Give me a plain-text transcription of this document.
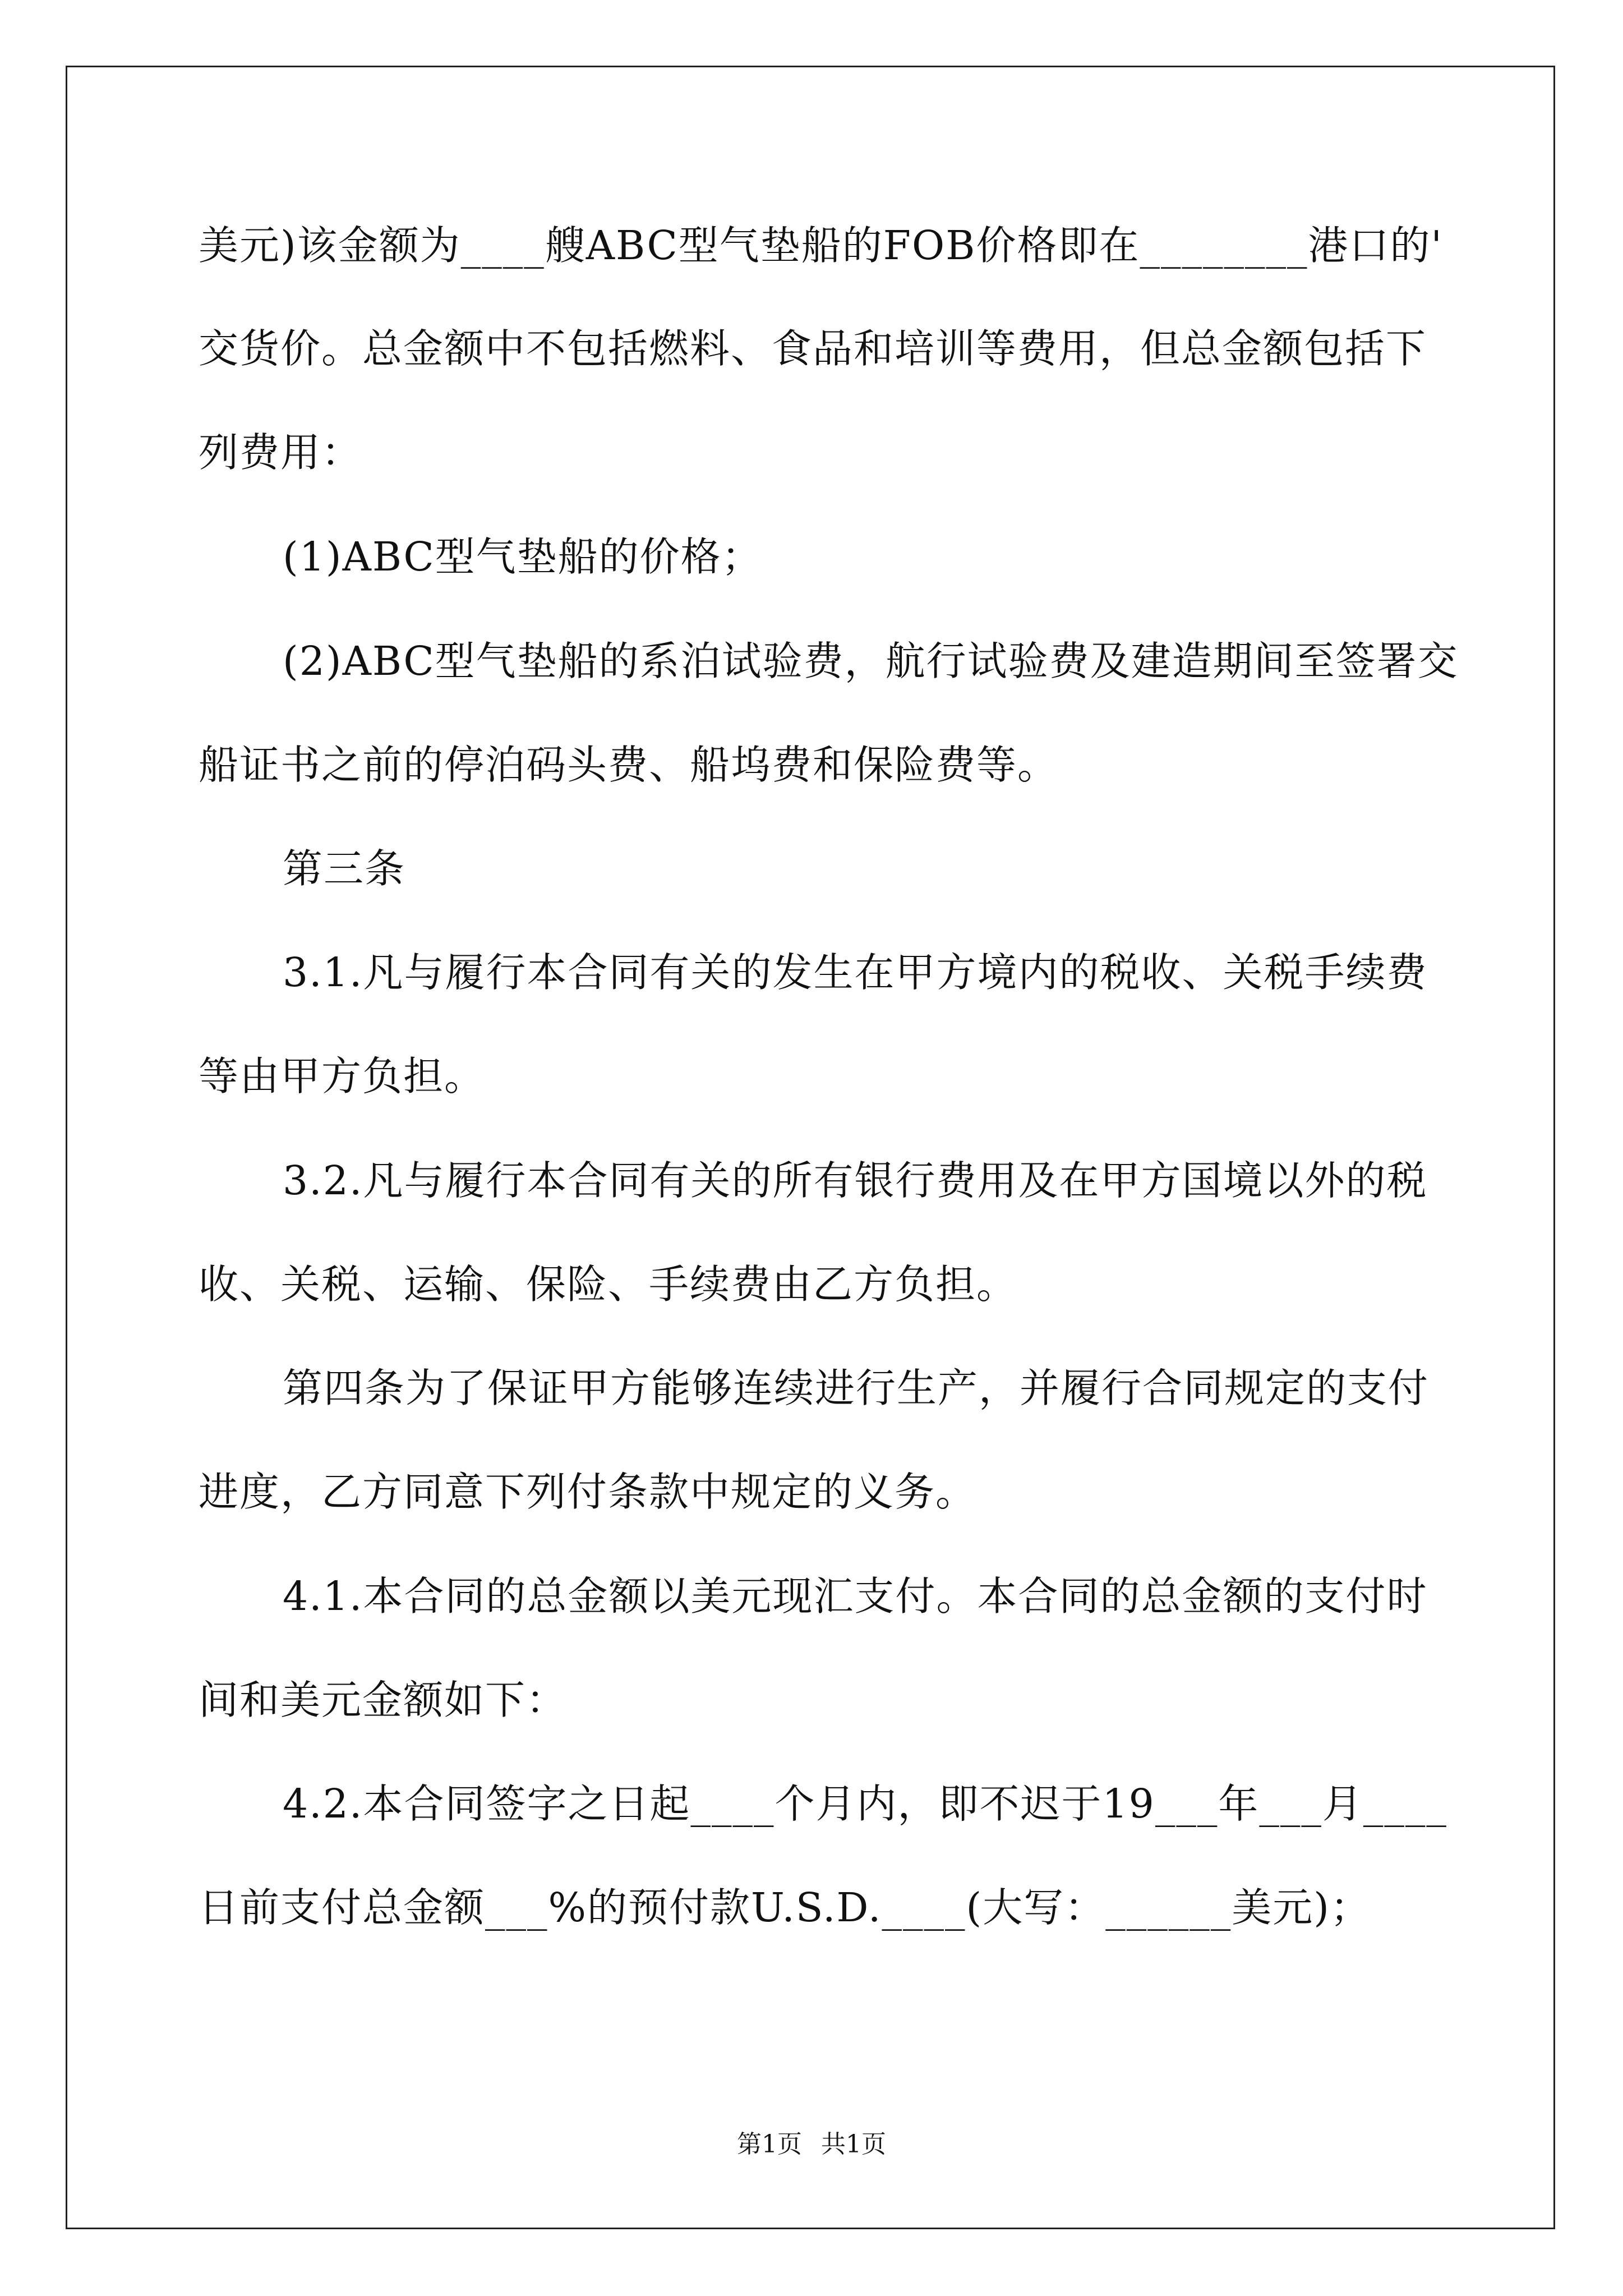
美元)该金额为____艘ABC型气垫船的FOB价格即在________港口的'
交货价。总金额中不包括燃料、食品和培训等费用，但总金额包括下
列费用：
(1)ABC型气垫船的价格；
(2)ABC型气垫船的系泊试验费，航行试验费及建造期间至签署交
船证书之前的停泊码头费、船坞费和保险费等。
第三条
3.1.凡与履行本合同有关的发生在甲方境内的税收、关税手续费
等由甲方负担。
3.2.凡与履行本合同有关的所有银行费用及在甲方国境以外的税
收、关税、运输、保险、手续费由乙方负担。
第四条为了保证甲方能够连续进行生产，并履行合同规定的支付
进度，乙方同意下列付条款中规定的义务。
4.1.本合同的总金额以美元现汇支付。本合同的总金额的支付时
间和美元金额如下：
4.2.本合同签字之日起____个月内，即不迟于19___年___月____
日前支付总金额___%的预付款U.S.D.____(大写：______美元)；
第1页 共1页
